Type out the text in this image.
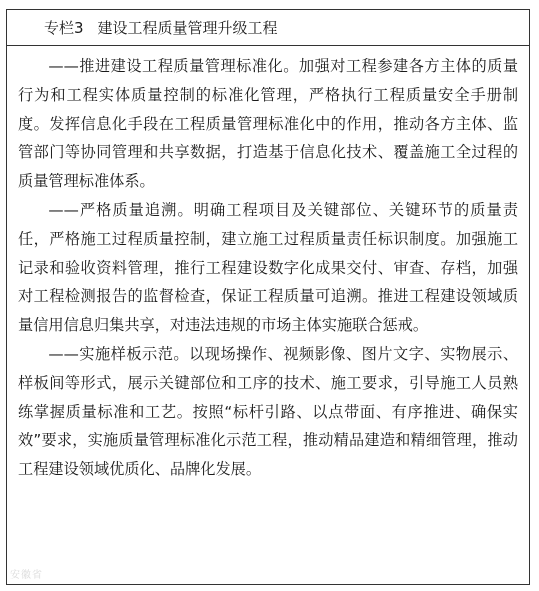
专栏3 建设工程质量管理升级工程

——推进建设工程质量管理标准化。加强对工程参建各方主体的质量行为和工程实体质量控制的标准化管理，严格执行工程质量安全手册制度。发挥信息化手段在工程质量管理标准化中的作用，推动各方主体、监管部门等协同管理和共享数据，打造基于信息化技术、覆盖施工全过程的质量管理标准体系。

——严格质量追溯。明确工程项目及关键部位、关键环节的质量责任，严格施工过程质量控制，建立施工过程质量责任标识制度。加强施工记录和验收资料管理，推行工程建设数字化成果交付、审查、存档，加强对工程检测报告的监督检查，保证工程质量可追溯。推进工程建设领域质量信用信息归集共享，对违法违规的市场主体实施联合惩戒。

——实施样板示范。以现场操作、视频影像、图片文字、实物展示、样板间等形式，展示关键部位和工序的技术、施工要求，引导施工人员熟练掌握质量标准和工艺。按照“标杆引路、以点带面、有序推进、确保实效”要求，实施质量管理标准化示范工程，推动精品建造和精细管理，推动工程建设领域优质化、品牌化发展。

安徽省
